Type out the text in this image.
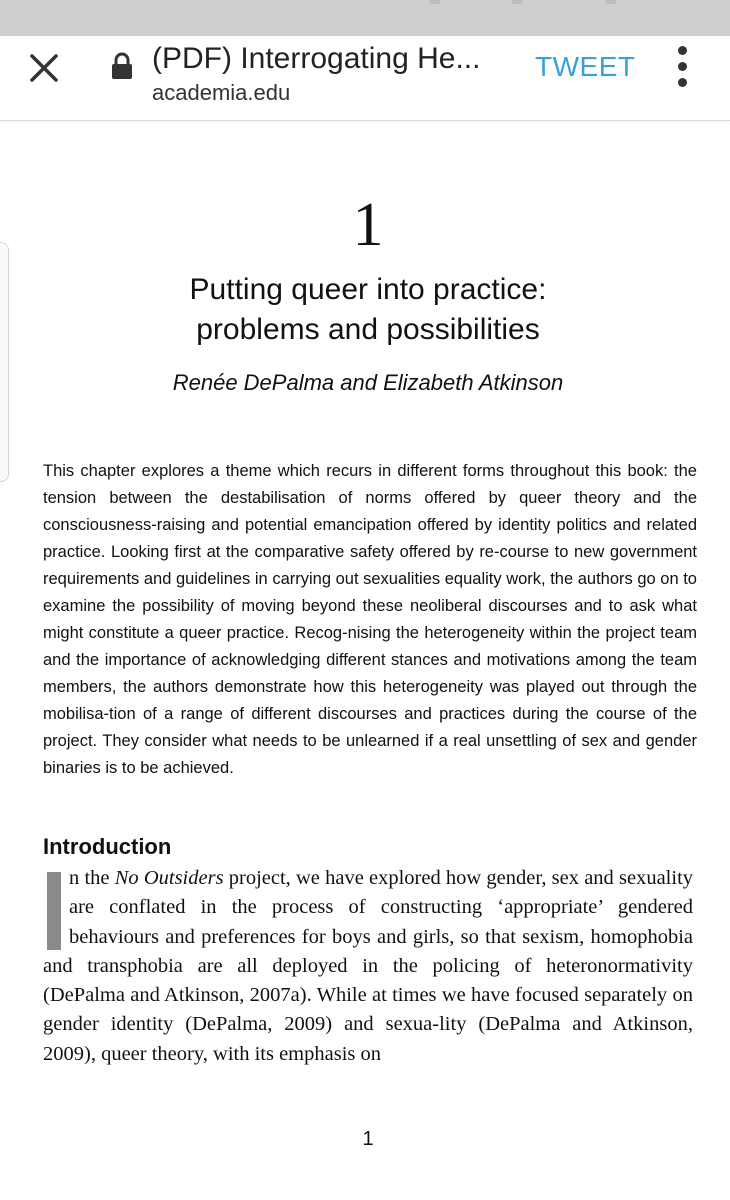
(PDF) Interrogating He...
academia.edu
TWEET
1
Putting queer into practice:
problems and possibilities
Renée DePalma and Elizabeth Atkinson
This chapter explores a theme which recurs in different forms throughout this book: the tension between the destabilisation of norms offered by queer theory and the consciousness-raising and potential emancipation offered by identity politics and related practice. Looking first at the comparative safety offered by re-course to new government requirements and guidelines in carrying out sexualities equality work, the authors go on to examine the possibility of moving beyond these neoliberal discourses and to ask what might constitute a queer practice. Recog-nising the heterogeneity within the project team and the importance of acknowledging different stances and motivations among the team members, the authors demonstrate how this heterogeneity was played out through the mobilisa-tion of a range of different discourses and practices during the course of the project. They consider what needs to be unlearned if a real unsettling of sex and gender binaries is to be achieved.
Introduction
n the No Outsiders project, we have explored how gender, sex and sexuality are conflated in the process of constructing ‘appropriate’ gendered behaviours and preferences for boys and girls, so that sexism, homophobia and transphobia are all deployed in the policing of heteronormativity (DePalma and Atkinson, 2007a). While at times we have focused separately on gender identity (DePalma, 2009) and sexua-lity (DePalma and Atkinson, 2009), queer theory, with its emphasis on
1
